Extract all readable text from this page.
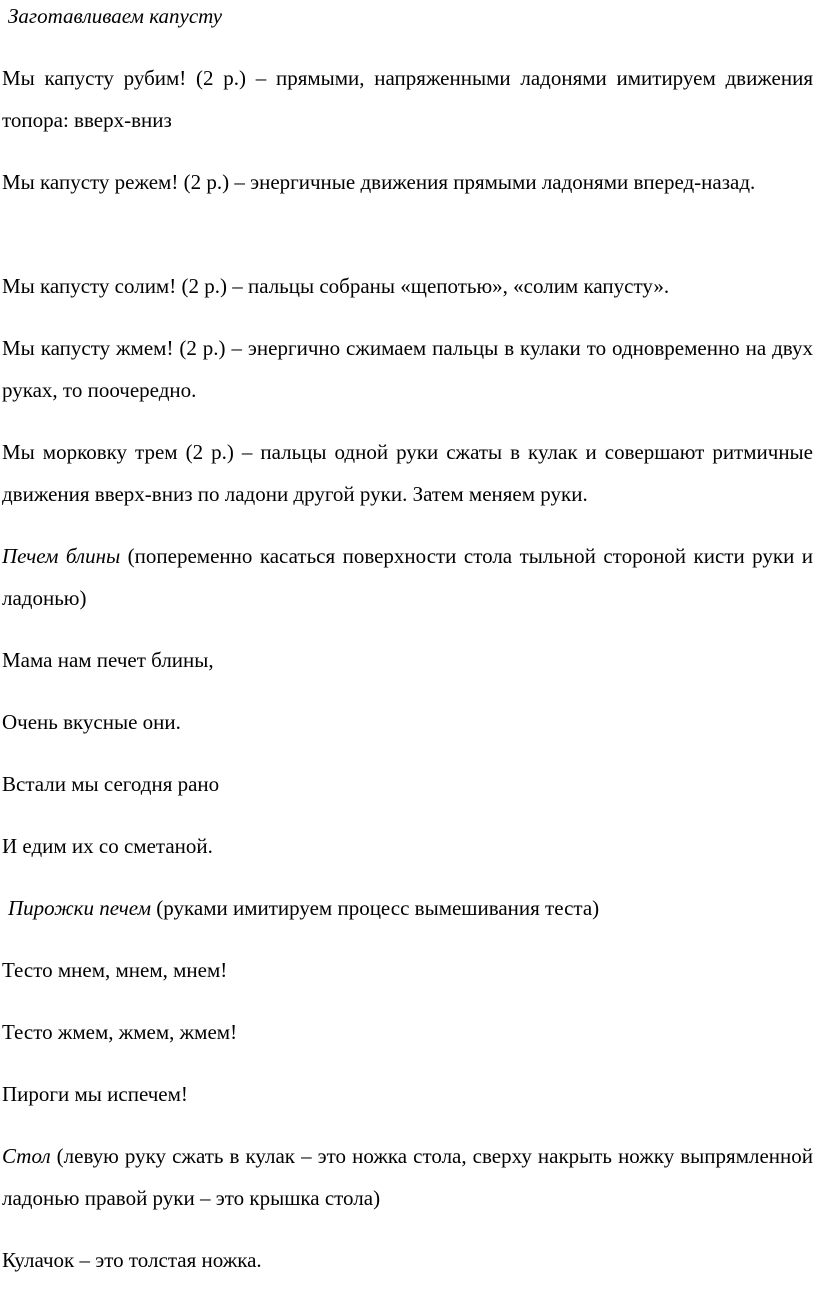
Заготавливаем капусту

Мы капусту рубим! (2 р.) – прямыми, напряженными ладонями имитируем движения топора: вверх-вниз

Мы капусту режем! (2 р.) – энергичные движения прямыми ладонями вперед-назад.

Мы капусту солим! (2 р.) – пальцы собраны «щепотью», «солим капусту».

Мы капусту жмем! (2 р.) – энергично сжимаем пальцы в кулаки то одновременно на двух руках, то поочередно.

Мы морковку трем (2 р.) – пальцы одной руки сжаты в кулак и совершают ритмичные движения вверх-вниз по ладони другой руки. Затем меняем руки.

Печем блины (попеременно касаться поверхности стола тыльной стороной кисти руки и ладонью)

Мама нам печет блины,

Очень вкусные они.

Встали мы сегодня рано

И едим их со сметаной.

Пирожки печем (руками имитируем процесс вымешивания теста)

Тесто мнем, мнем, мнем!

Тесто жмем, жмем, жмем!

Пироги мы испечем!

Стол (левую руку сжать в кулак – это ножка стола, сверху накрыть ножку выпрямленной ладонью правой руки – это крышка стола)

Кулачок – это толстая ножка.
